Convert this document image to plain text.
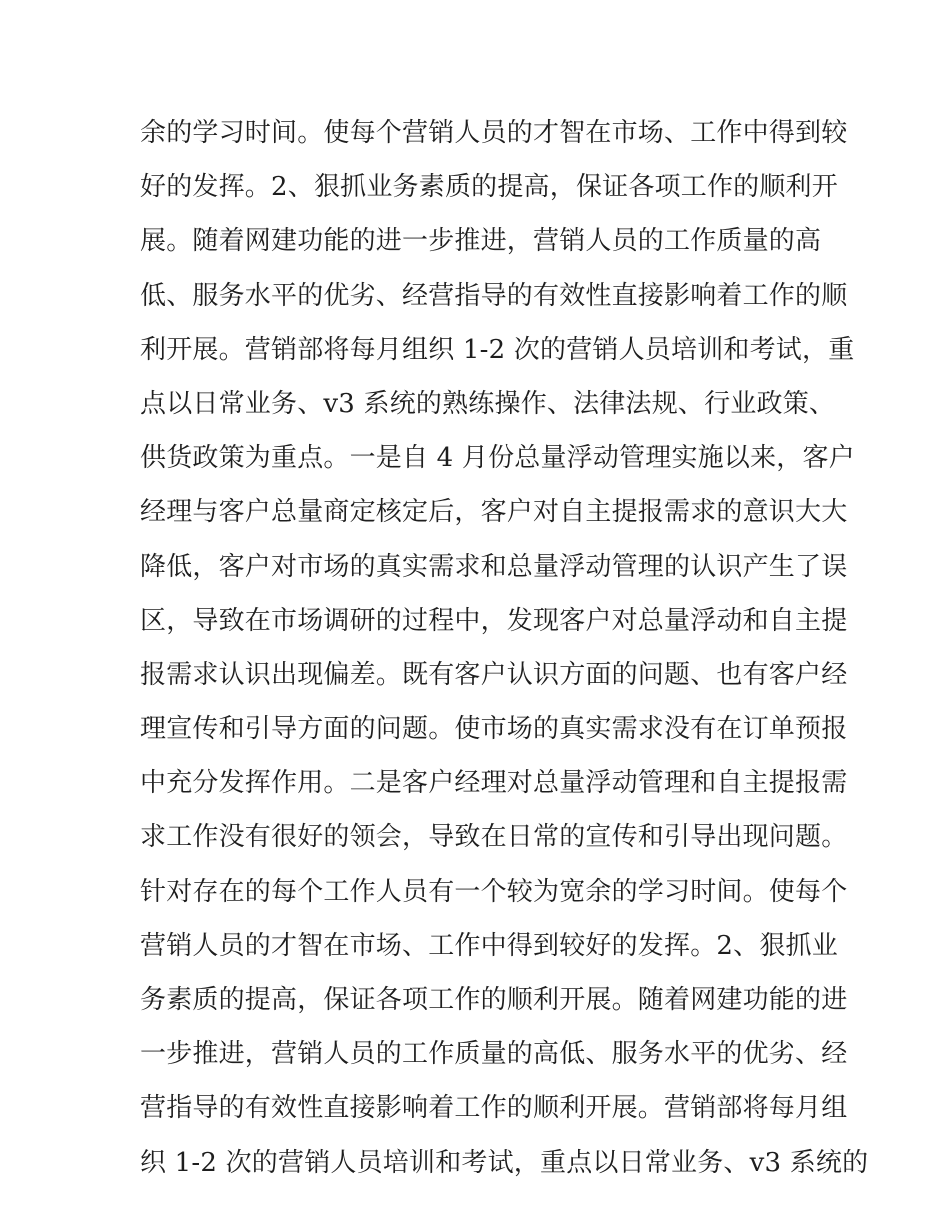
余的学习时间。使每个营销人员的才智在市场、工作中得到较
好的发挥。2、狠抓业务素质的提高，保证各项工作的顺利开
展。随着网建功能的进一步推进，营销人员的工作质量的高
低、服务水平的优劣、经营指导的有效性直接影响着工作的顺
利开展。营销部将每月组织 1-2 次的营销人员培训和考试，重
点以日常业务、v3 系统的熟练操作、法律法规、行业政策、
供货政策为重点。一是自 4 月份总量浮动管理实施以来，客户
经理与客户总量商定核定后，客户对自主提报需求的意识大大
降低，客户对市场的真实需求和总量浮动管理的认识产生了误
区，导致在市场调研的过程中，发现客户对总量浮动和自主提
报需求认识出现偏差。既有客户认识方面的问题、也有客户经
理宣传和引导方面的问题。使市场的真实需求没有在订单预报
中充分发挥作用。二是客户经理对总量浮动管理和自主提报需
求工作没有很好的领会，导致在日常的宣传和引导出现问题。
针对存在的每个工作人员有一个较为宽余的学习时间。使每个
营销人员的才智在市场、工作中得到较好的发挥。2、狠抓业
务素质的提高，保证各项工作的顺利开展。随着网建功能的进
一步推进，营销人员的工作质量的高低、服务水平的优劣、经
营指导的有效性直接影响着工作的顺利开展。营销部将每月组
织 1-2 次的营销人员培训和考试，重点以日常业务、v3 系统的
